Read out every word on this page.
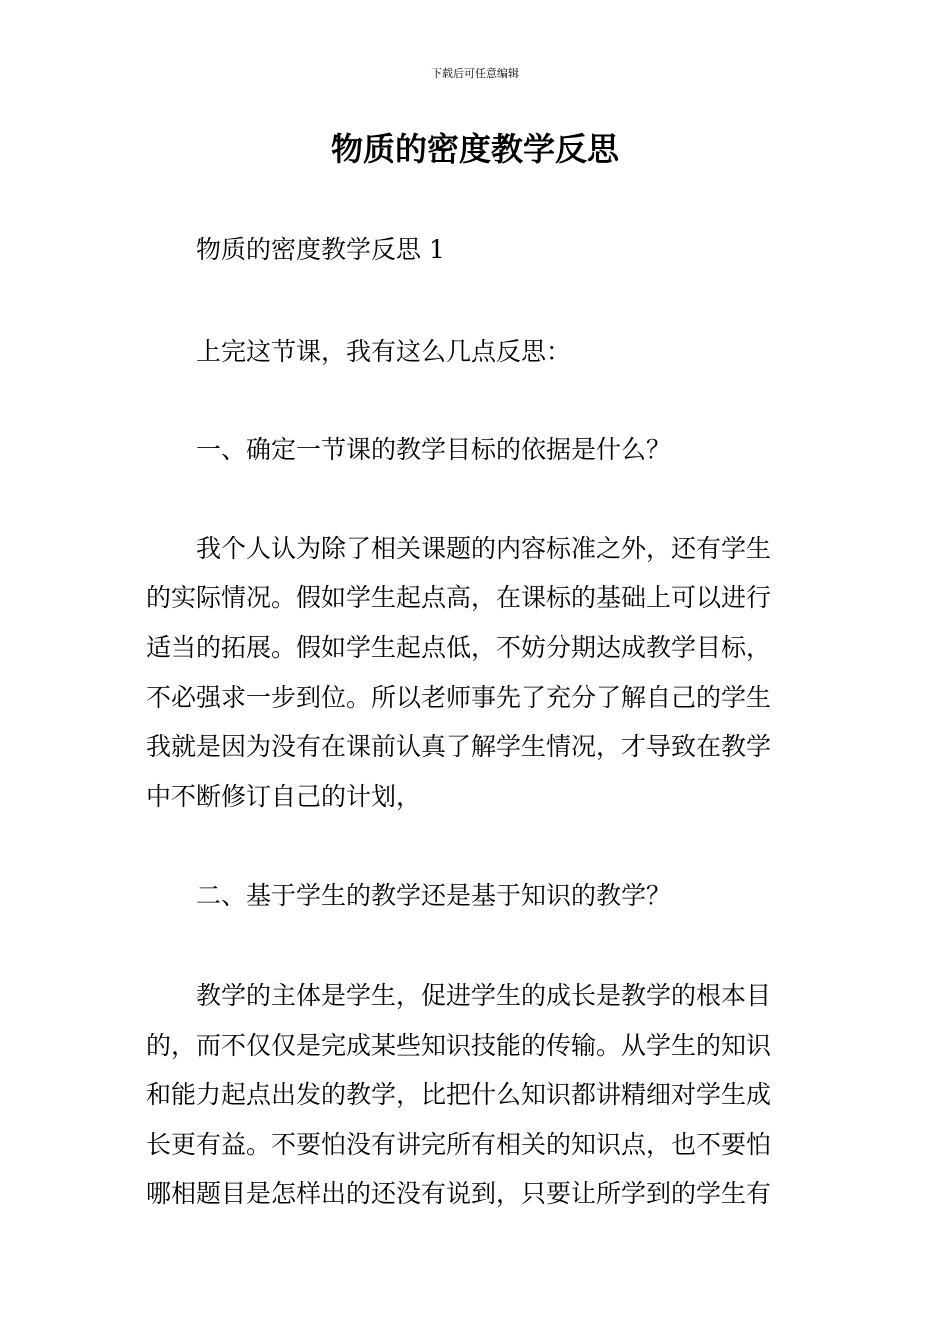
下载后可任意编辑
物质的密度教学反思
物质的密度教学反思 1
上完这节课，我有这么几点反思：
一、确定一节课的教学目标的依据是什么？
我个人认为除了相关课题的内容标准之外，还有学生
的实际情况。假如学生起点高，在课标的基础上可以进行
适当的拓展。假如学生起点低，不妨分期达成教学目标，
不必强求一步到位。所以老师事先了充分了解自己的学生
我就是因为没有在课前认真了解学生情况，才导致在教学
中不断修订自己的计划，
二、基于学生的教学还是基于知识的教学？
教学的主体是学生，促进学生的成长是教学的根本目
的，而不仅仅是完成某些知识技能的传输。从学生的知识
和能力起点出发的教学，比把什么知识都讲精细对学生成
长更有益。不要怕没有讲完所有相关的知识点，也不要怕
哪相题目是怎样出的还没有说到，只要让所学到的学生有
